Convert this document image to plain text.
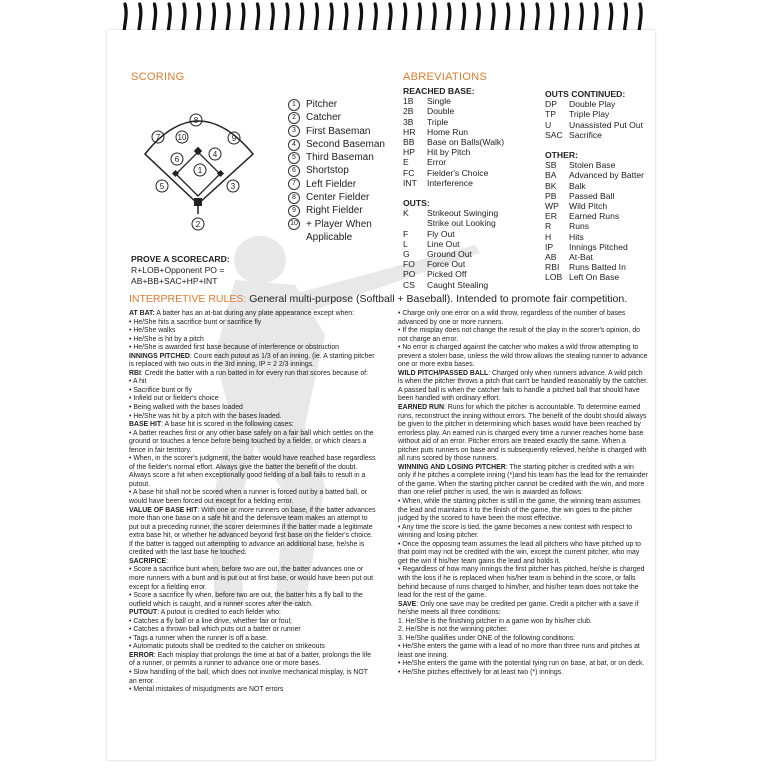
SCORING
8
7 10	9
6
4
1
5	3
2
1	Pitcher
2	Catcher
3	First Baseman
4	Second Baseman
5	Third Baseman
6	Shortstop
7	Left Fielder
8	Center Fielder
9	Right Fielder
10 + Player When
Applicable
ABREVIATIONS
REACHED BASE:
1B	Single
2B	Double
3B	Triple
HR	Home Run
BB	Base on Balls(Walk)
HP	Hit by Pitch
E	Error
FC	Fielder's Choice
INT	Interference
OUTS:
K	Strikeout Swinging
Strike out Looking
F	Fly Out
L	Line Out
G	Ground Out
FO	Force Out
PO	Picked Off
CS	Caught Stealing
OUTS CONTINUED:
DP	Double Play
TP	Triple Play
U	Unassisted Put Out
SAC Sacrifice
OTHER:
SB	Stolen Base
BA	Advanced by Batter
BK	Balk
PB	Passed Ball
WP	Wild Pitch
ER	Earned Runs
R	Runs
H	Hits
IP	Innings Pitched
AB	At-Bat
RBI	Runs Batted In
LOB Left On Base
PROVE A SCORECARD:
R+LOB+Opponent PO =
AB+BB+SAC+HP+INT
INTERPRETIVE RULES: General multi-purpose (Softball + Baseball). Intended to promote fair competition.

AT BAT: A batter has an at-bat during any plate appearance except when:

• He/She hits a sacrifice bunt or sacrifice fly

• He/She walks

• He/She is hit by a pitch

• He/She is awarded first base because of interference or obstruction

INNINGS PITCHED: Count each putout as 1/3 of an inning. (ie. A starting pitcher is replaced with two outs in the 3rd inning, IP = 2 2/3 innings.

RBI: Credit the batter with a run batted in for every run that scores because of:

• A hit

• Sacrifice bunt or fly

• Infield out or fielder's choice

• Being walked with the bases loaded

• He/She was hit by a pitch with the bases loaded.

BASE HIT: A base hit is scored in the following cases:

• A batter reaches first or any other base safely on a fair ball which settles on the ground or touches a fence before being touched by a fielder, or which clears a fence in fair territory.

• When, in the scorer's judgment, the batter would have reached base regardless of the fielder's normal effort. Always give the batter the benefit of the doubt. Always score a hit when exceptionally good fielding of a ball fails to result in a putout.

• A base hit shall not be scored when a runner is forced out by a batted ball, or would have been forced out except for a fielding error.

VALUE OF BASE HIT: With one or more runners on base, if the batter advances more than one base on a safe hit and the defensive team makes an attempt to put out a preceding runner, the scorer determines if the batter made a legitimate extra base hit, or whether he advanced beyond first base on the fielder's choice. If the batter is tagged out attempting to advance an additional base, he/she is credited with the last base he touched.

SACRIFICE:

• Score a sacrifice bunt when, before two are out, the batter advances one or more runners with a bunt and is put out at first base, or would have been put out except for a fielding error.

• Score a sacrifice fly when, before two are out, the batter hits a fly ball to the outfield which is caught, and a runner scores after the catch.

PUTOUT: A putout is credited to each fielder who:

• Catches a fly ball or a line drive, whether fair or foul;

• Catches a thrown ball which puts out a batter or runner

• Tags a runner when the runner is off a base.

• Automatic putouts shall be credited to the catcher on strikeouts

ERROR: Each misplay that prolongs the time at bat of a batter, prolongs the life of a runner, or permits a runner to advance one or more bases.

• Slow handling of the ball, which does not involve mechanical misplay, is NOT an error.

• Mental mistakes of misjudgments are NOT errors

• Charge only one error on a wild throw, regardless of the number of bases advanced by one or more runners.

• If the misplay does not change the result of the play in the scorer's opinion, do not charge an error.

• No error is charged against the catcher who makes a wild throw attempting to prevent a stolen base, unless the wild throw allows the stealing runner to advance one or more extra bases.

WILD PITCH/PASSED BALL: Charged only when runners advance. A wild pitch is when the pitcher throws a pitch that can't be handled reasonably by the catcher. A passed ball is when the catcher fails to handle a pitched ball that should have been handled with ordinary effort.

EARNED RUN: Runs for which the pitcher is accountable. To determine earned runs, reconstruct the inning without errors. The benefit of the doubt should always be given to the pitcher in determining which bases would have been reached by errorless play. An earned run is charged every time a runner reaches home base without aid of an error. Pitcher errors are treated exactly the same. When a pitcher puts runners on base and is subsequently relieved, he/she is charged with all runs scored by those runners.

WINNING AND LOSING PITCHER: The starting pitcher is credited with a win only if he pitches a complete inning (*)and his team has the lead for the remainder of the game. When the starting pitcher cannot be credited with the win, and more than one relief pitcher is used, the win is awarded as follows:

• When, while the starting pitcher is still in the game, the winning team assumes the lead and maintains it to the finish of the game, the win goes to the pitcher judged by the scored to have been the most effective.

• Any time the score is tied, the game becomes a new contest with respect to winning and losing pitcher.

• Once the opposing team assumes the lead all pitchers who have pitched up to that point may not be credited with the win, except the current pitcher, who may get the win if his/her team gains the lead and holds it.

• Regardless of how many innings the first pitcher has pitched, he/she is charged with the loss if he is replaced when his/her team is behind in the score, or falls behind because of runs charged to him/her, and his/her team does not take the lead for the rest of the game.

SAVE: Only one save may be credited per game. Credit a pitcher with a save if he/she meets all three conditions:

1. He/She is the finishing pitcher in a game won by his/her club.

2. He/She is not the winning pitcher.

3. He/She qualifies under ONE of the following conditions:

• He/She enters the game with a lead of no more than three runs and pitches at least one inning.

• He/She enters the game with the potential tying run on base, at bat, or on deck.

• He/She pitches effectively for at least two (*) innings.
